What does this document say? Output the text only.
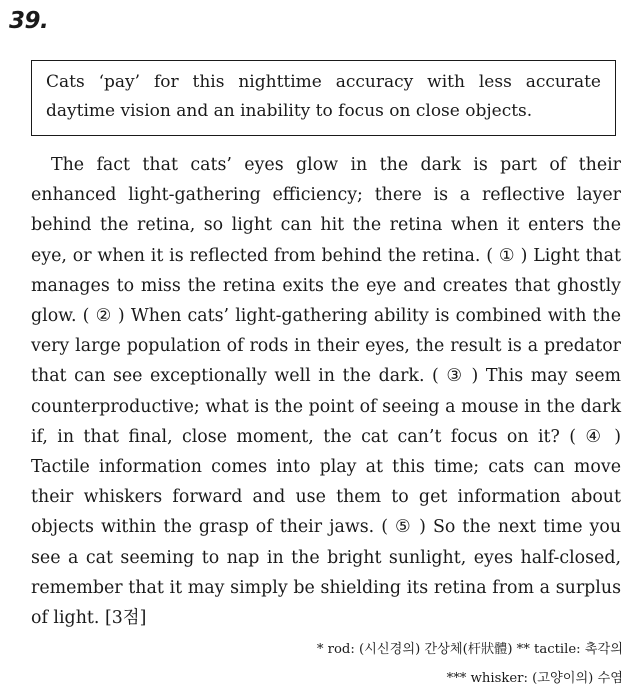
39.
Cats ‘pay’ for this nighttime accuracy with less accurate daytime vision and an inability to focus on close objects.

The fact that cats’ eyes glow in the dark is part of their enhanced light-gathering efficiency; there is a reflective layer behind the retina, so light can hit the retina when it enters the eye, or when it is reflected from behind the retina. ( ① ) Light that manages to miss the retina exits the eye and creates that ghostly glow. ( ② ) When cats’ light-gathering ability is combined with the very large population of rods in their eyes, the result is a predator that can see exceptionally well in the dark. ( ③ ) This may seem counterproductive; what is the point of seeing a mouse in the dark if, in that final, close moment, the cat can’t focus on it? ( ④ ) Tactile information comes into play at this time; cats can move their whiskers forward and use them to get information about objects within the grasp of their jaws. ( ⑤ ) So the next time you see a cat seeming to nap in the bright sunlight, eyes half-closed, remember that it may simply be shielding its retina from a surplus of light. [3점]

* rod: (시신경의) 간상체(杆狀體) ** tactile: 촉각의
*** whisker: (고양이의) 수염
